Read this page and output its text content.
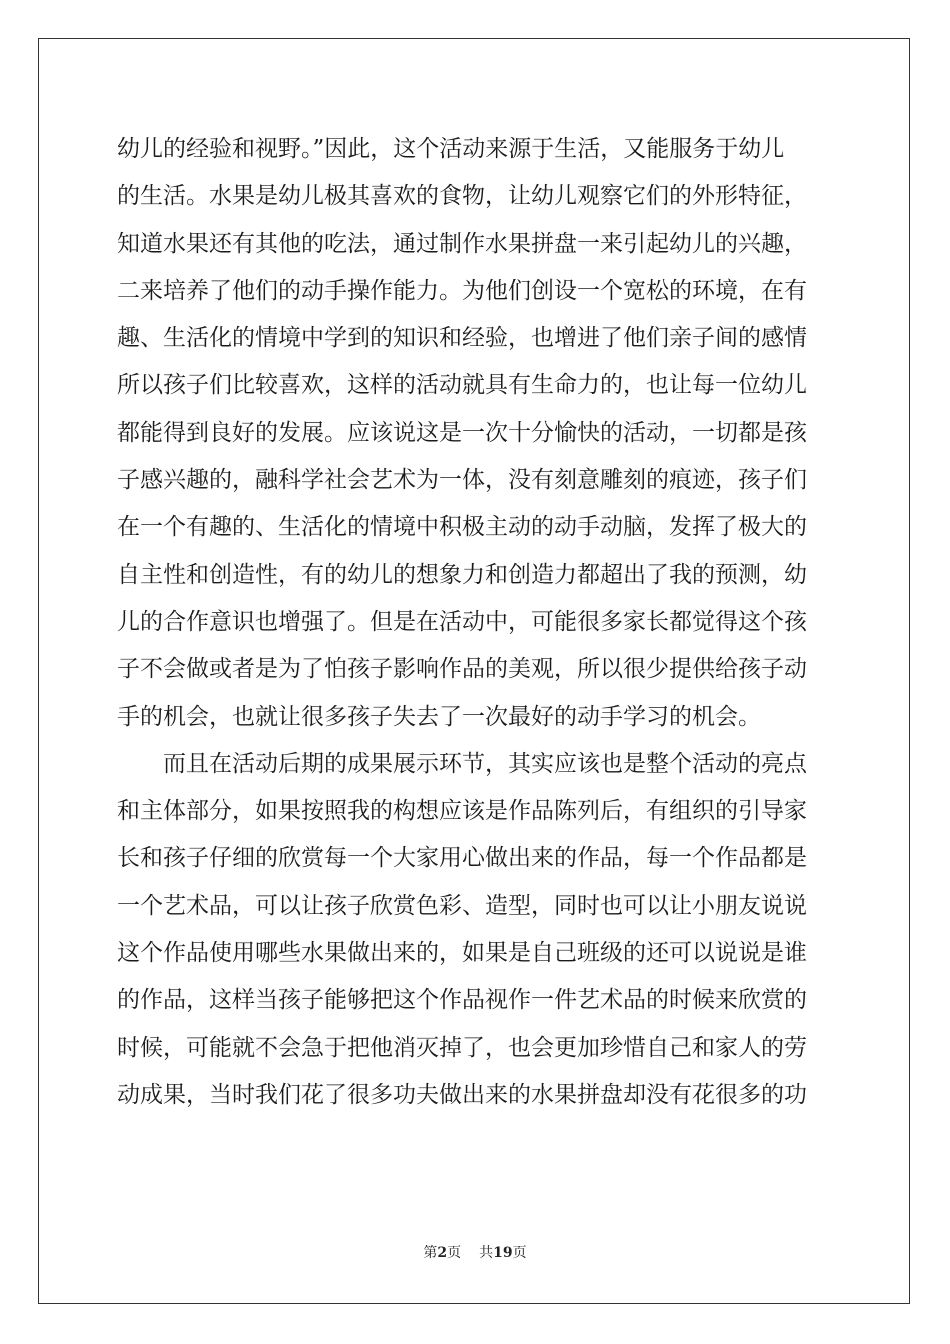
幼儿的经验和视野。”因此，这个活动来源于生活，又能服务于幼儿
的生活。水果是幼儿极其喜欢的食物，让幼儿观察它们的外形特征，
知道水果还有其他的吃法，通过制作水果拼盘一来引起幼儿的兴趣，
二来培养了他们的动手操作能力。为他们创设一个宽松的环境，在有
趣、生活化的情境中学到的知识和经验，也增进了他们亲子间的感情
所以孩子们比较喜欢，这样的活动就具有生命力的，也让每一位幼儿
都能得到良好的发展。应该说这是一次十分愉快的活动，一切都是孩
子感兴趣的，融科学社会艺术为一体，没有刻意雕刻的痕迹，孩子们
在一个有趣的、生活化的情境中积极主动的动手动脑，发挥了极大的
自主性和创造性，有的幼儿的想象力和创造力都超出了我的预测，幼
儿的合作意识也增强了。但是在活动中，可能很多家长都觉得这个孩
子不会做或者是为了怕孩子影响作品的美观，所以很少提供给孩子动
手的机会，也就让很多孩子失去了一次最好的动手学习的机会。
而且在活动后期的成果展示环节，其实应该也是整个活动的亮点
和主体部分，如果按照我的构想应该是作品陈列后，有组织的引导家
长和孩子仔细的欣赏每一个大家用心做出来的作品，每一个作品都是
一个艺术品，可以让孩子欣赏色彩、造型，同时也可以让小朋友说说
这个作品使用哪些水果做出来的，如果是自己班级的还可以说说是谁
的作品，这样当孩子能够把这个作品视作一件艺术品的时候来欣赏的
时候，可能就不会急于把他消灭掉了，也会更加珍惜自己和家人的劳
动成果，当时我们花了很多功夫做出来的水果拼盘却没有花很多的功
第2页 共19页
